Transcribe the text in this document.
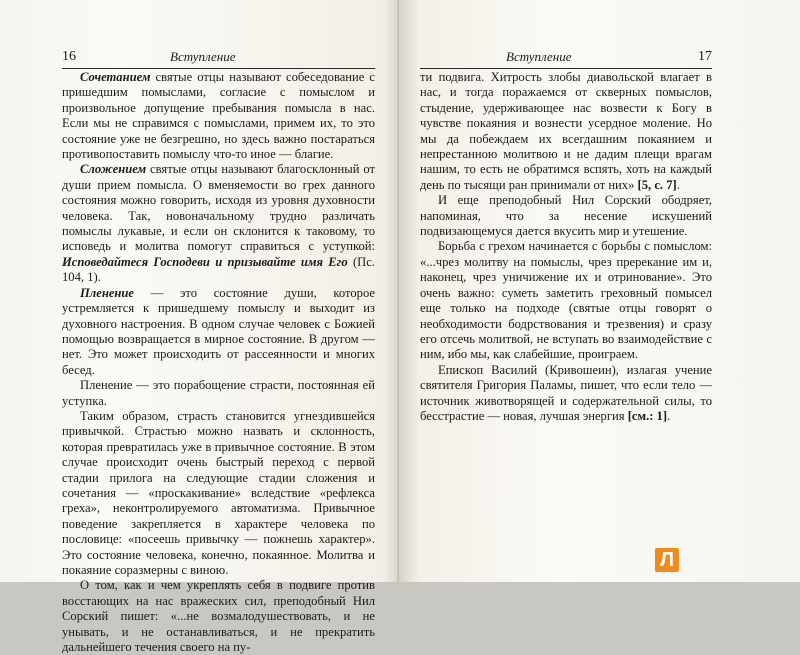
16	Вступление

Сочетанием святые отцы называют собеседование с пришедшим помыслами, согласие с помыслом и произвольное допущение пребывания помысла в нас. Если мы не справимся с помыслами, примем их, то это состояние уже не безгрешно, но здесь важно постараться противопоставить помыслу что-то иное — благие.

Сложением святые отцы называют благосклонный от души прием помысла. О вменяемости во грех данного состояния можно говорить, исходя из уровня духовности человека. Так, новоначальному трудно различать помыслы лукавые, и если он склонится к таковому, то исповедь и молитва помогут справиться с уступкой: Исповедайтеся Господеви и призывайте имя Его (Пс. 104, 1).

Пленение — это состояние души, которое устремляется к пришедшему помыслу и выходит из духовного настроения. В одном случае человек с Божией помощью возвращается в мирное состояние. В другом — нет. Это может происходить от рассеянности и многих бесед.

Пленение — это порабощение страсти, постоянная ей уступка.

Таким образом, страсть становится угнездившейся привычкой. Страстью можно назвать и склонность, которая превратилась уже в привычное состояние. В этом случае происходит очень быстрый переход с первой стадии прилога на следующие стадии сложения и сочетания — «проскакивание» вследствие «рефлекса греха», неконтролируемого автоматизма. Привычное поведение закрепляется в характере человека по пословице: «посеешь привычку — пожнешь характер». Это состояние человека, конечно, покаянное. Молитва и покаяние соразмерны с виною.

О том, как и чем укреплять себя в подвиге против восстающих на нас вражеских сил, преподобный Нил Сорский пишет: «...не возмалодушествовать, и не унывать, и не останавливаться, и не прекратить дальнейшего течения своего на пу-

Вступление	17

ти подвига. Хитрость злобы диавольской влагает в нас, и тогда поражаемся от скверных помыслов, стыдение, удерживающее нас возвести к Богу в чувстве покаяния и вознести усердное моление. Но мы да побеждаем их всегдашним покаянием и непрестанною молитвою и не дадим плещи врагам нашим, то есть не обратимся вспять, хоть на каждый день по тысящи ран принимали от них» [5, с. 7].

И еще преподобный Нил Сорский ободряет, напоминая, что за несение искушений подвизающемуся дается вкусить мир и утешение.

Борьба с грехом начинается с борьбы с помыслом: «...чрез молитву на помыслы, чрез пререкание им и, наконец, чрез уничижение их и отринование». Это очень важно: суметь заметить греховный помысел еще только на подходе (святые отцы говорят о необходимости бодрствования и трезвения) и сразу его отсечь молитвой, не вступать во взаимодействие с ним, ибо мы, как слабейшие, проиграем.

Епископ Василий (Кривошеин), излагая учение святителя Григория Паламы, пишет, что если тело — источник животворящей и содержательной силы, то бесстрастие — новая, лучшая энергия [см.: 1].

Л
